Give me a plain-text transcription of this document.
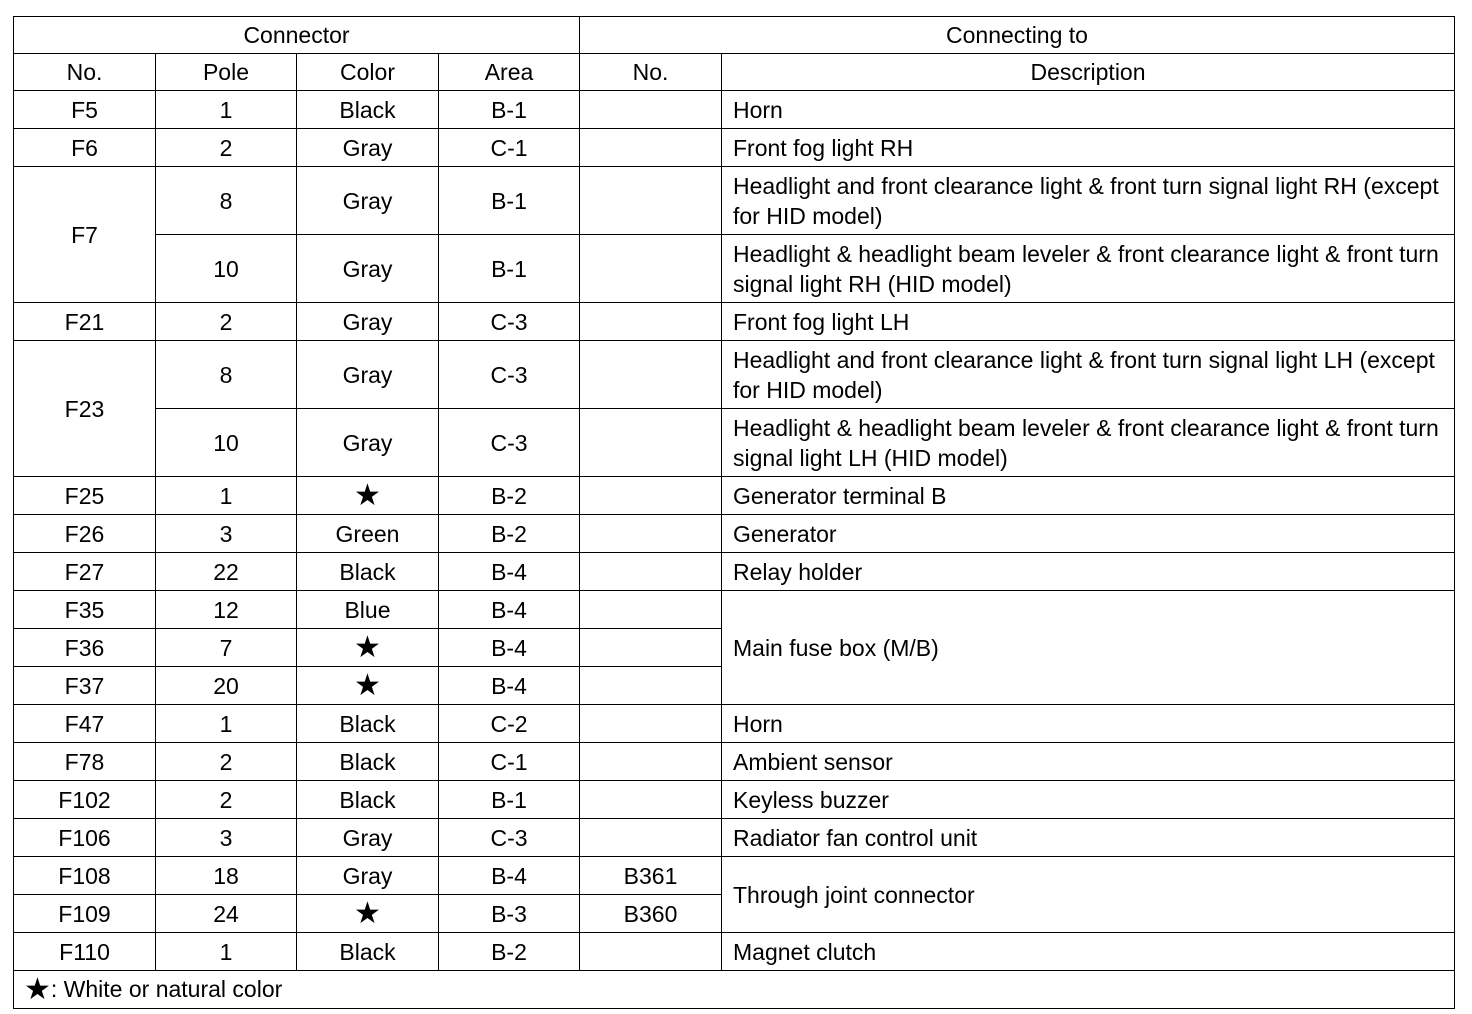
Connector				Connecting to	
No.	Pole	Color	Area	No.	Description
F5	1	Black	B-1		Horn
F6	2	Gray	C-1		Front fog light RH
F7	8	Gray	B-1		Headlight and front clearance light & front turn signal light RH (except for HID model)
	10	Gray	B-1		Headlight & headlight beam leveler & front clearance light & front turn signal light RH (HID model)
F21	2	Gray	C-3		Front fog light LH
F23	8	Gray	C-3		Headlight and front clearance light & front turn signal light LH (except for HID model)
	10	Gray	C-3		Headlight & headlight beam leveler & front clearance light & front turn signal light LH (HID model)
F25	1	★	B-2		Generator terminal B
F26	3	Green	B-2		Generator
F27	22	Black	B-4		Relay holder
F35	12	Blue	B-4		Main fuse box (M/B)
F36	7	★	B-4		
F37	20	★	B-4		
F47	1	Black	C-2		Horn
F78	2	Black	C-1		Ambient sensor
F102	2	Black	B-1		Keyless buzzer
F106	3	Gray	C-3		Radiator fan control unit
F108	18	Gray	B-4	B361	Through joint connector
F109	24	★	B-3	B360	
F110	1	Black	B-2		Magnet clutch
★: White or natural color					
